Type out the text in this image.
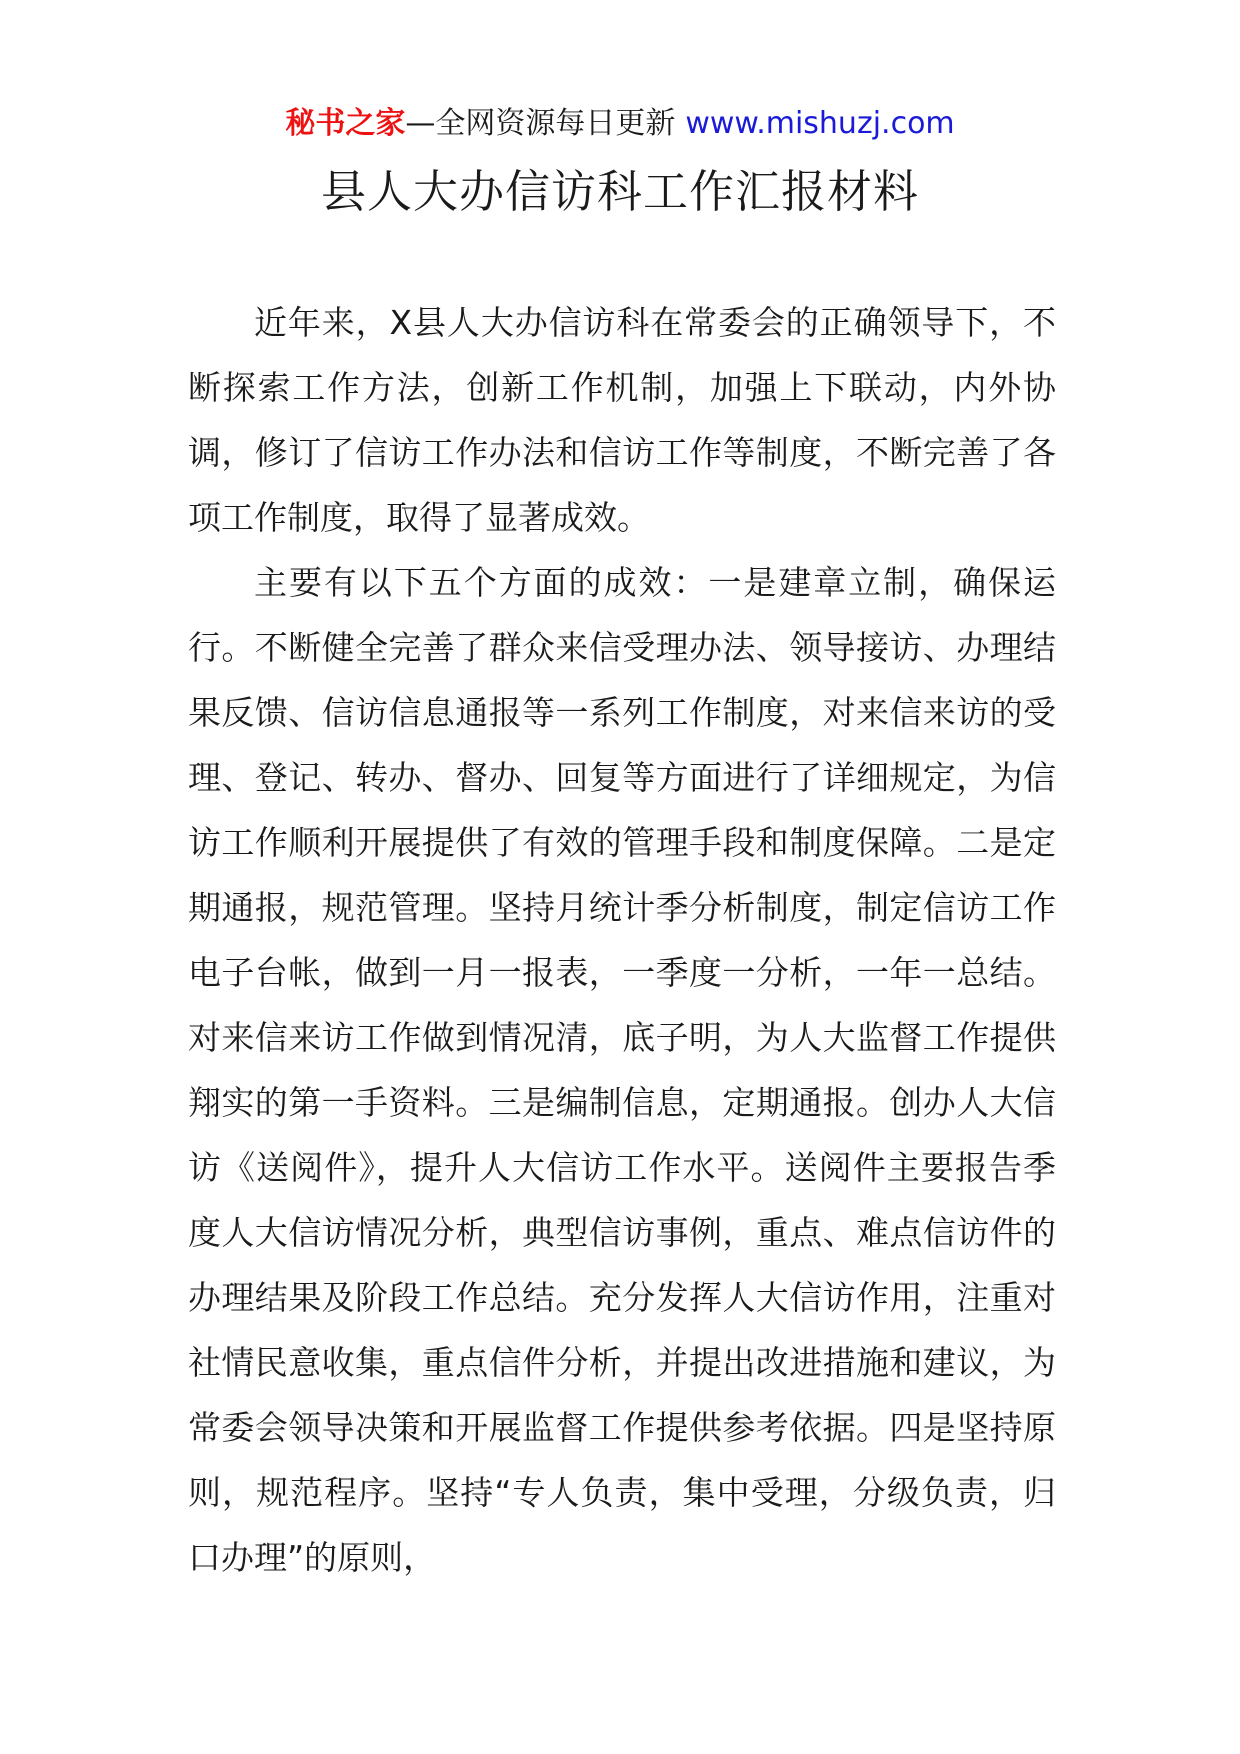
秘书之家—全网资源每日更新 www.mishuzj.com
县人大办信访科工作汇报材料

近年来，X县人大办信访科在常委会的正确领导下，不断探索工作方法，创新工作机制，加强上下联动，内外协调，修订了信访工作办法和信访工作等制度，不断完善了各项工作制度，取得了显著成效。

主要有以下五个方面的成效：一是建章立制，确保运行。不断健全完善了群众来信受理办法、领导接访、办理结果反馈、信访信息通报等一系列工作制度，对来信来访的受理、登记、转办、督办、回复等方面进行了详细规定，为信访工作顺利开展提供了有效的管理手段和制度保障。二是定期通报，规范管理。坚持月统计季分析制度，制定信访工作电子台帐，做到一月一报表，一季度一分析，一年一总结。对来信来访工作做到情况清，底子明，为人大监督工作提供翔实的第一手资料。三是编制信息，定期通报。创办人大信访《送阅件》，提升人大信访工作水平。送阅件主要报告季度人大信访情况分析，典型信访事例，重点、难点信访件的办理结果及阶段工作总结。充分发挥人大信访作用，注重对社情民意收集，重点信件分析，并提出改进措施和建议，为常委会领导决策和开展监督工作提供参考依据。四是坚持原则，规范程序。坚持“专人负责，集中受理，分级负责，归口办理”的原则，
